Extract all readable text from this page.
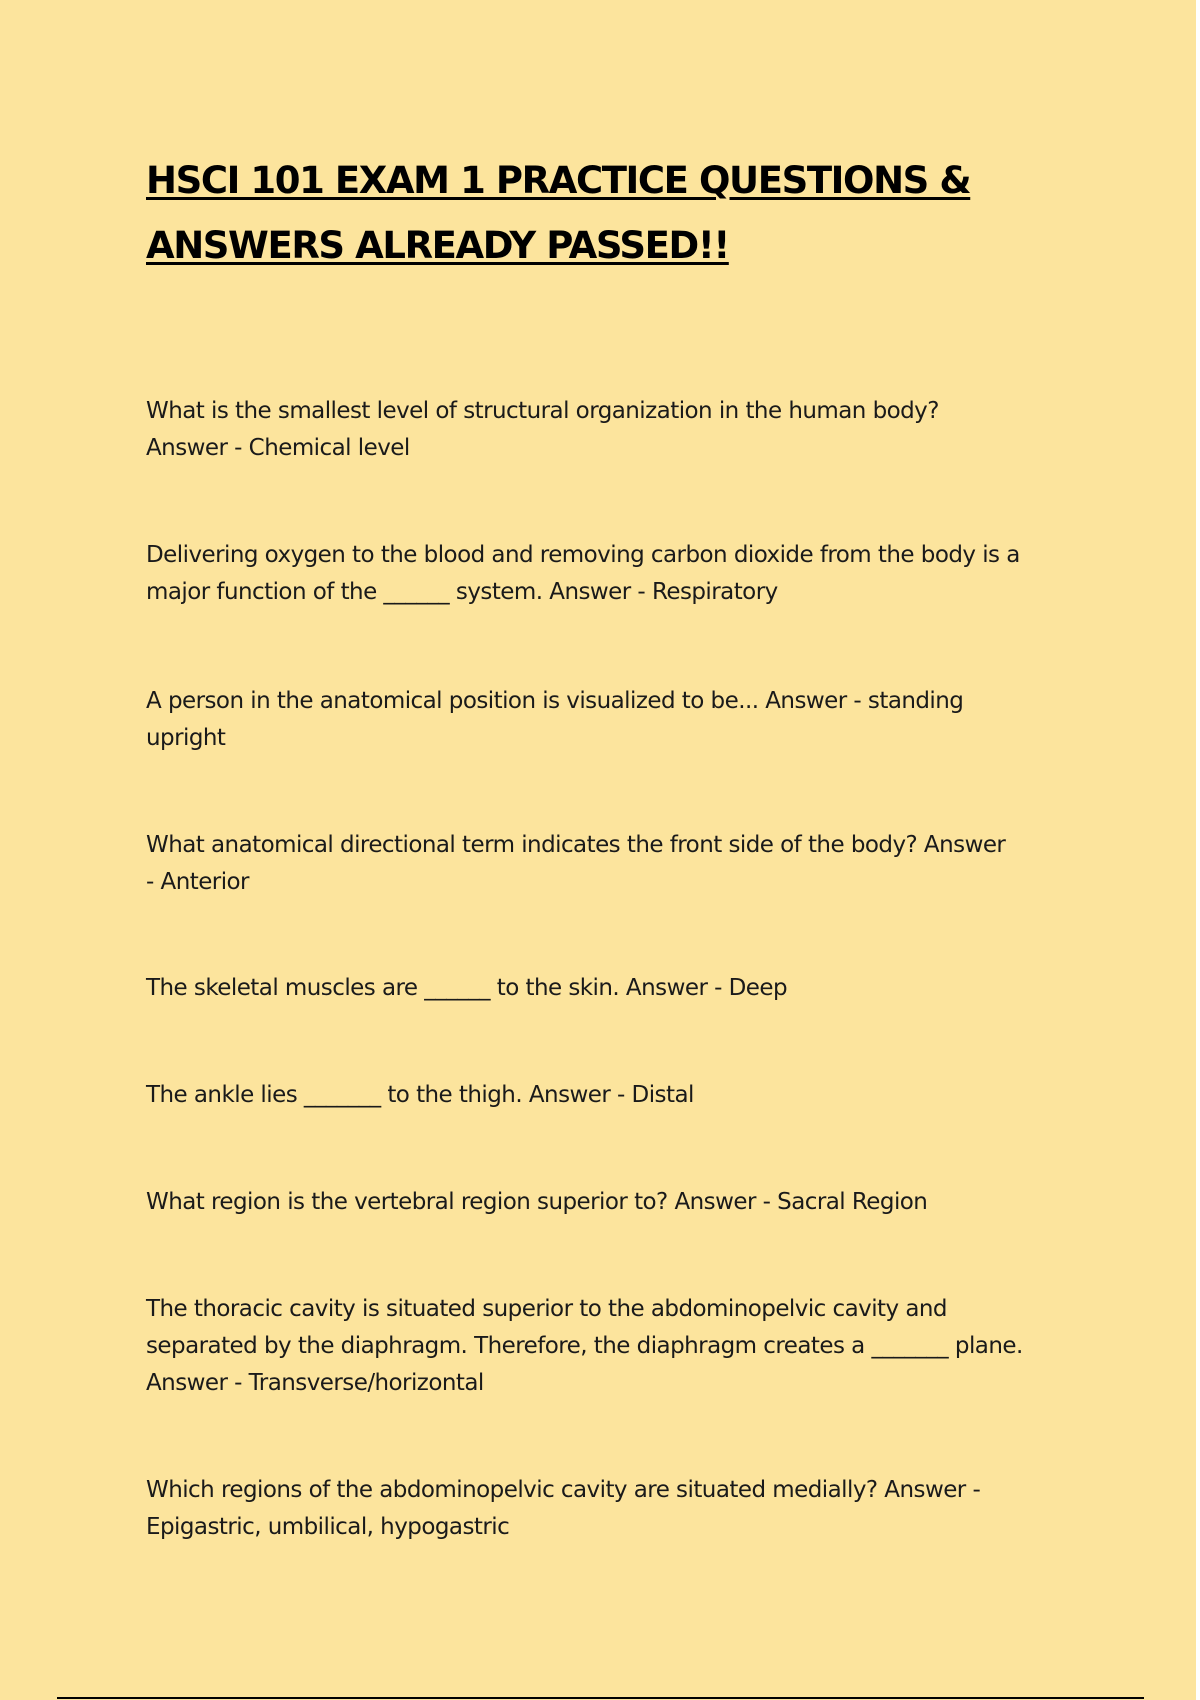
HSCI 101 EXAM 1 PRACTICE QUESTIONS &
ANSWERS ALREADY PASSED!!

What is the smallest level of structural organization in the human body?
Answer - Chemical level

Delivering oxygen to the blood and removing carbon dioxide from the body is a
major function of the ______ system. Answer - Respiratory

A person in the anatomical position is visualized to be... Answer - standing
upright

What anatomical directional term indicates the front side of the body? Answer
- Anterior

The skeletal muscles are ______ to the skin. Answer - Deep

The ankle lies _______ to the thigh. Answer - Distal

What region is the vertebral region superior to? Answer - Sacral Region

The thoracic cavity is situated superior to the abdominopelvic cavity and
separated by the diaphragm. Therefore, the diaphragm creates a _______ plane.
Answer - Transverse/horizontal

Which regions of the abdominopelvic cavity are situated medially? Answer -
Epigastric, umbilical, hypogastric
